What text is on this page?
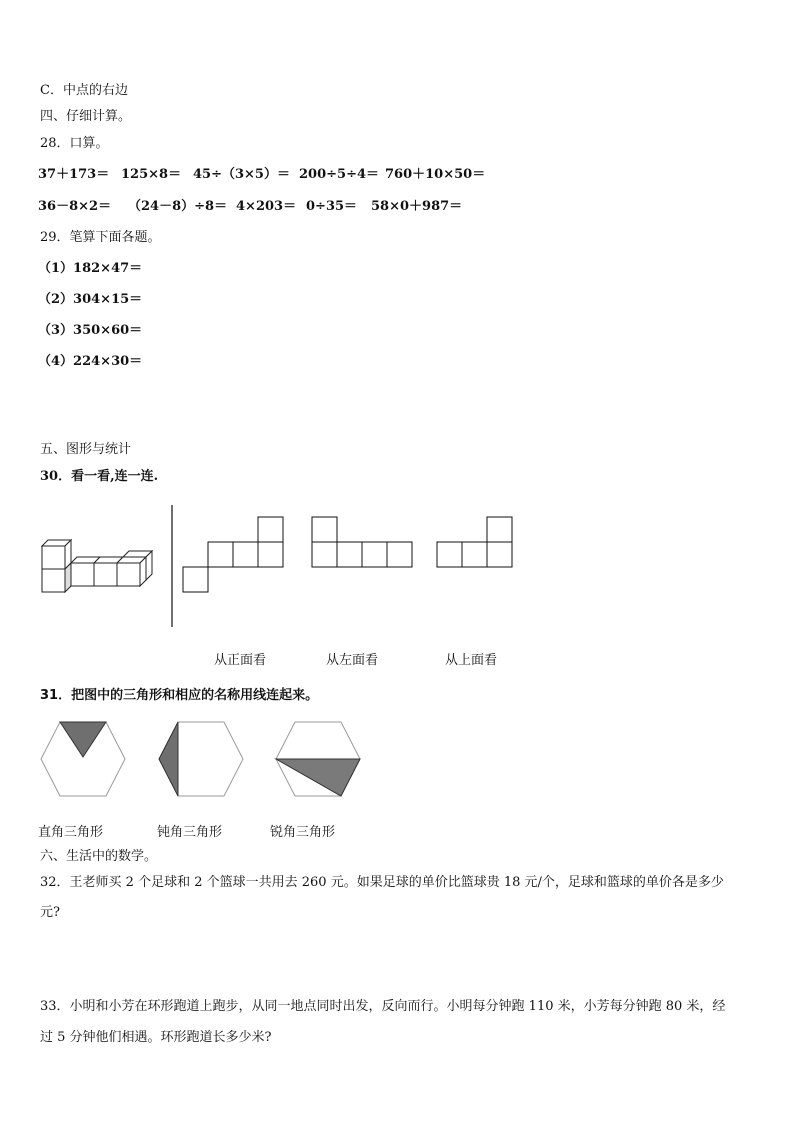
C．中点的右边
四、仔细计算。
28．口算。
37＋173＝ 125×8＝ 45÷（3×5）＝ 200÷5÷4＝ 760＋10×50＝
36－8×2＝ （24－8）÷8＝ 4×203＝ 0÷35＝ 58×0＋987＝
29．笔算下面各题。
（1）182×47＝
（2）304×15＝
（3）350×60＝
（4）224×30＝
五、图形与统计
30．看一看,连一连.
从正面看	从左面看	从上面看
31．把图中的三角形和相应的名称用线连起来。
直角三角形	钝角三角形	锐角三角形
六、生活中的数学。
32．王老师买 2 个足球和 2 个篮球一共用去 260 元。如果足球的单价比篮球贵 18 元/个，足球和篮球的单价各是多少
元?
33．小明和小芳在环形跑道上跑步，从同一地点同时出发，反向而行。小明每分钟跑 110 米，小芳每分钟跑 80 米，经
过 5 分钟他们相遇。环形跑道长多少米?
